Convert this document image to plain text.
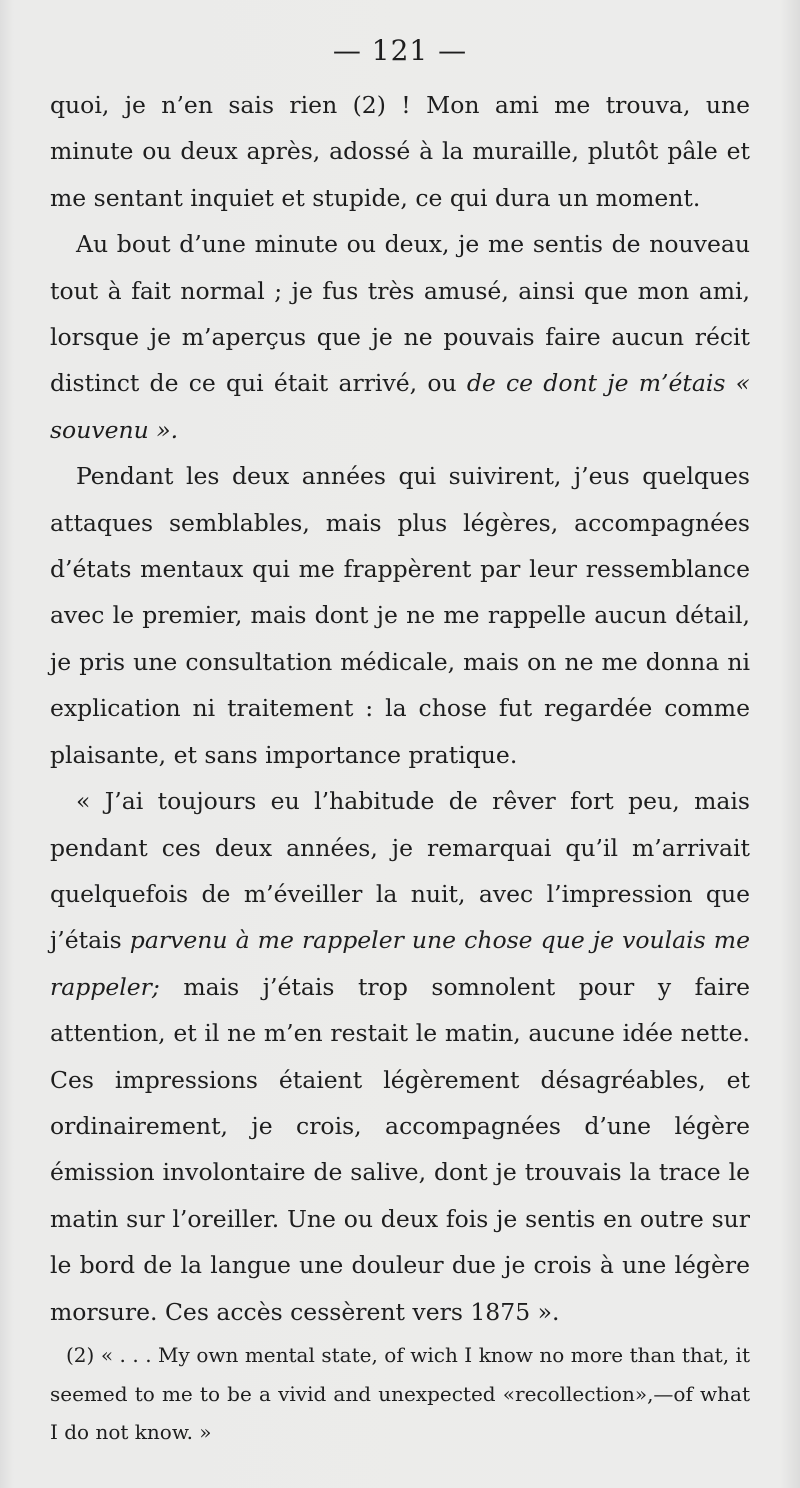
— 121 —

quoi, je n’en sais rien (2) ! Mon ami me trouva, une minute ou deux après, adossé à la muraille, plutôt pâle et me sentant inquiet et stupide, ce qui dura un moment.

Au bout d’une minute ou deux, je me sentis de nouveau tout à fait normal ; je fus très amusé, ainsi que mon ami, lorsque je m’aperçus que je ne pouvais faire aucun récit distinct de ce qui était arrivé, ou de ce dont je m’étais « souvenu ».

Pendant les deux années qui suivirent, j’eus quelques attaques semblables, mais plus légères, accompagnées d’états mentaux qui me frappèrent par leur ressemblance avec le premier, mais dont je ne me rappelle aucun détail, je pris une consultation médicale, mais on ne me donna ni explication ni traitement : la chose fut regardée comme plaisante, et sans importance pratique.

« J’ai toujours eu l’habitude de rêver fort peu, mais pendant ces deux années, je remarquai qu’il m’arrivait quelquefois de m’éveiller la nuit, avec l’impression que j’étais parvenu à me rappeler une chose que je voulais me rappeler; mais j’étais trop somnolent pour y faire attention, et il ne m’en restait le matin, aucune idée nette. Ces impressions étaient légèrement désagréables, et ordinairement, je crois, accompagnées d’une légère émission involontaire de salive, dont je trouvais la trace le matin sur l’oreiller. Une ou deux fois je sentis en outre sur le bord de la langue une douleur due je crois à une légère morsure. Ces accès cessèrent vers 1875 ».

(2) « . . . My own mental state, of wich I know no more than that, it seemed to me to be a vivid and unexpected «recollection»,—of what I do not know. »
